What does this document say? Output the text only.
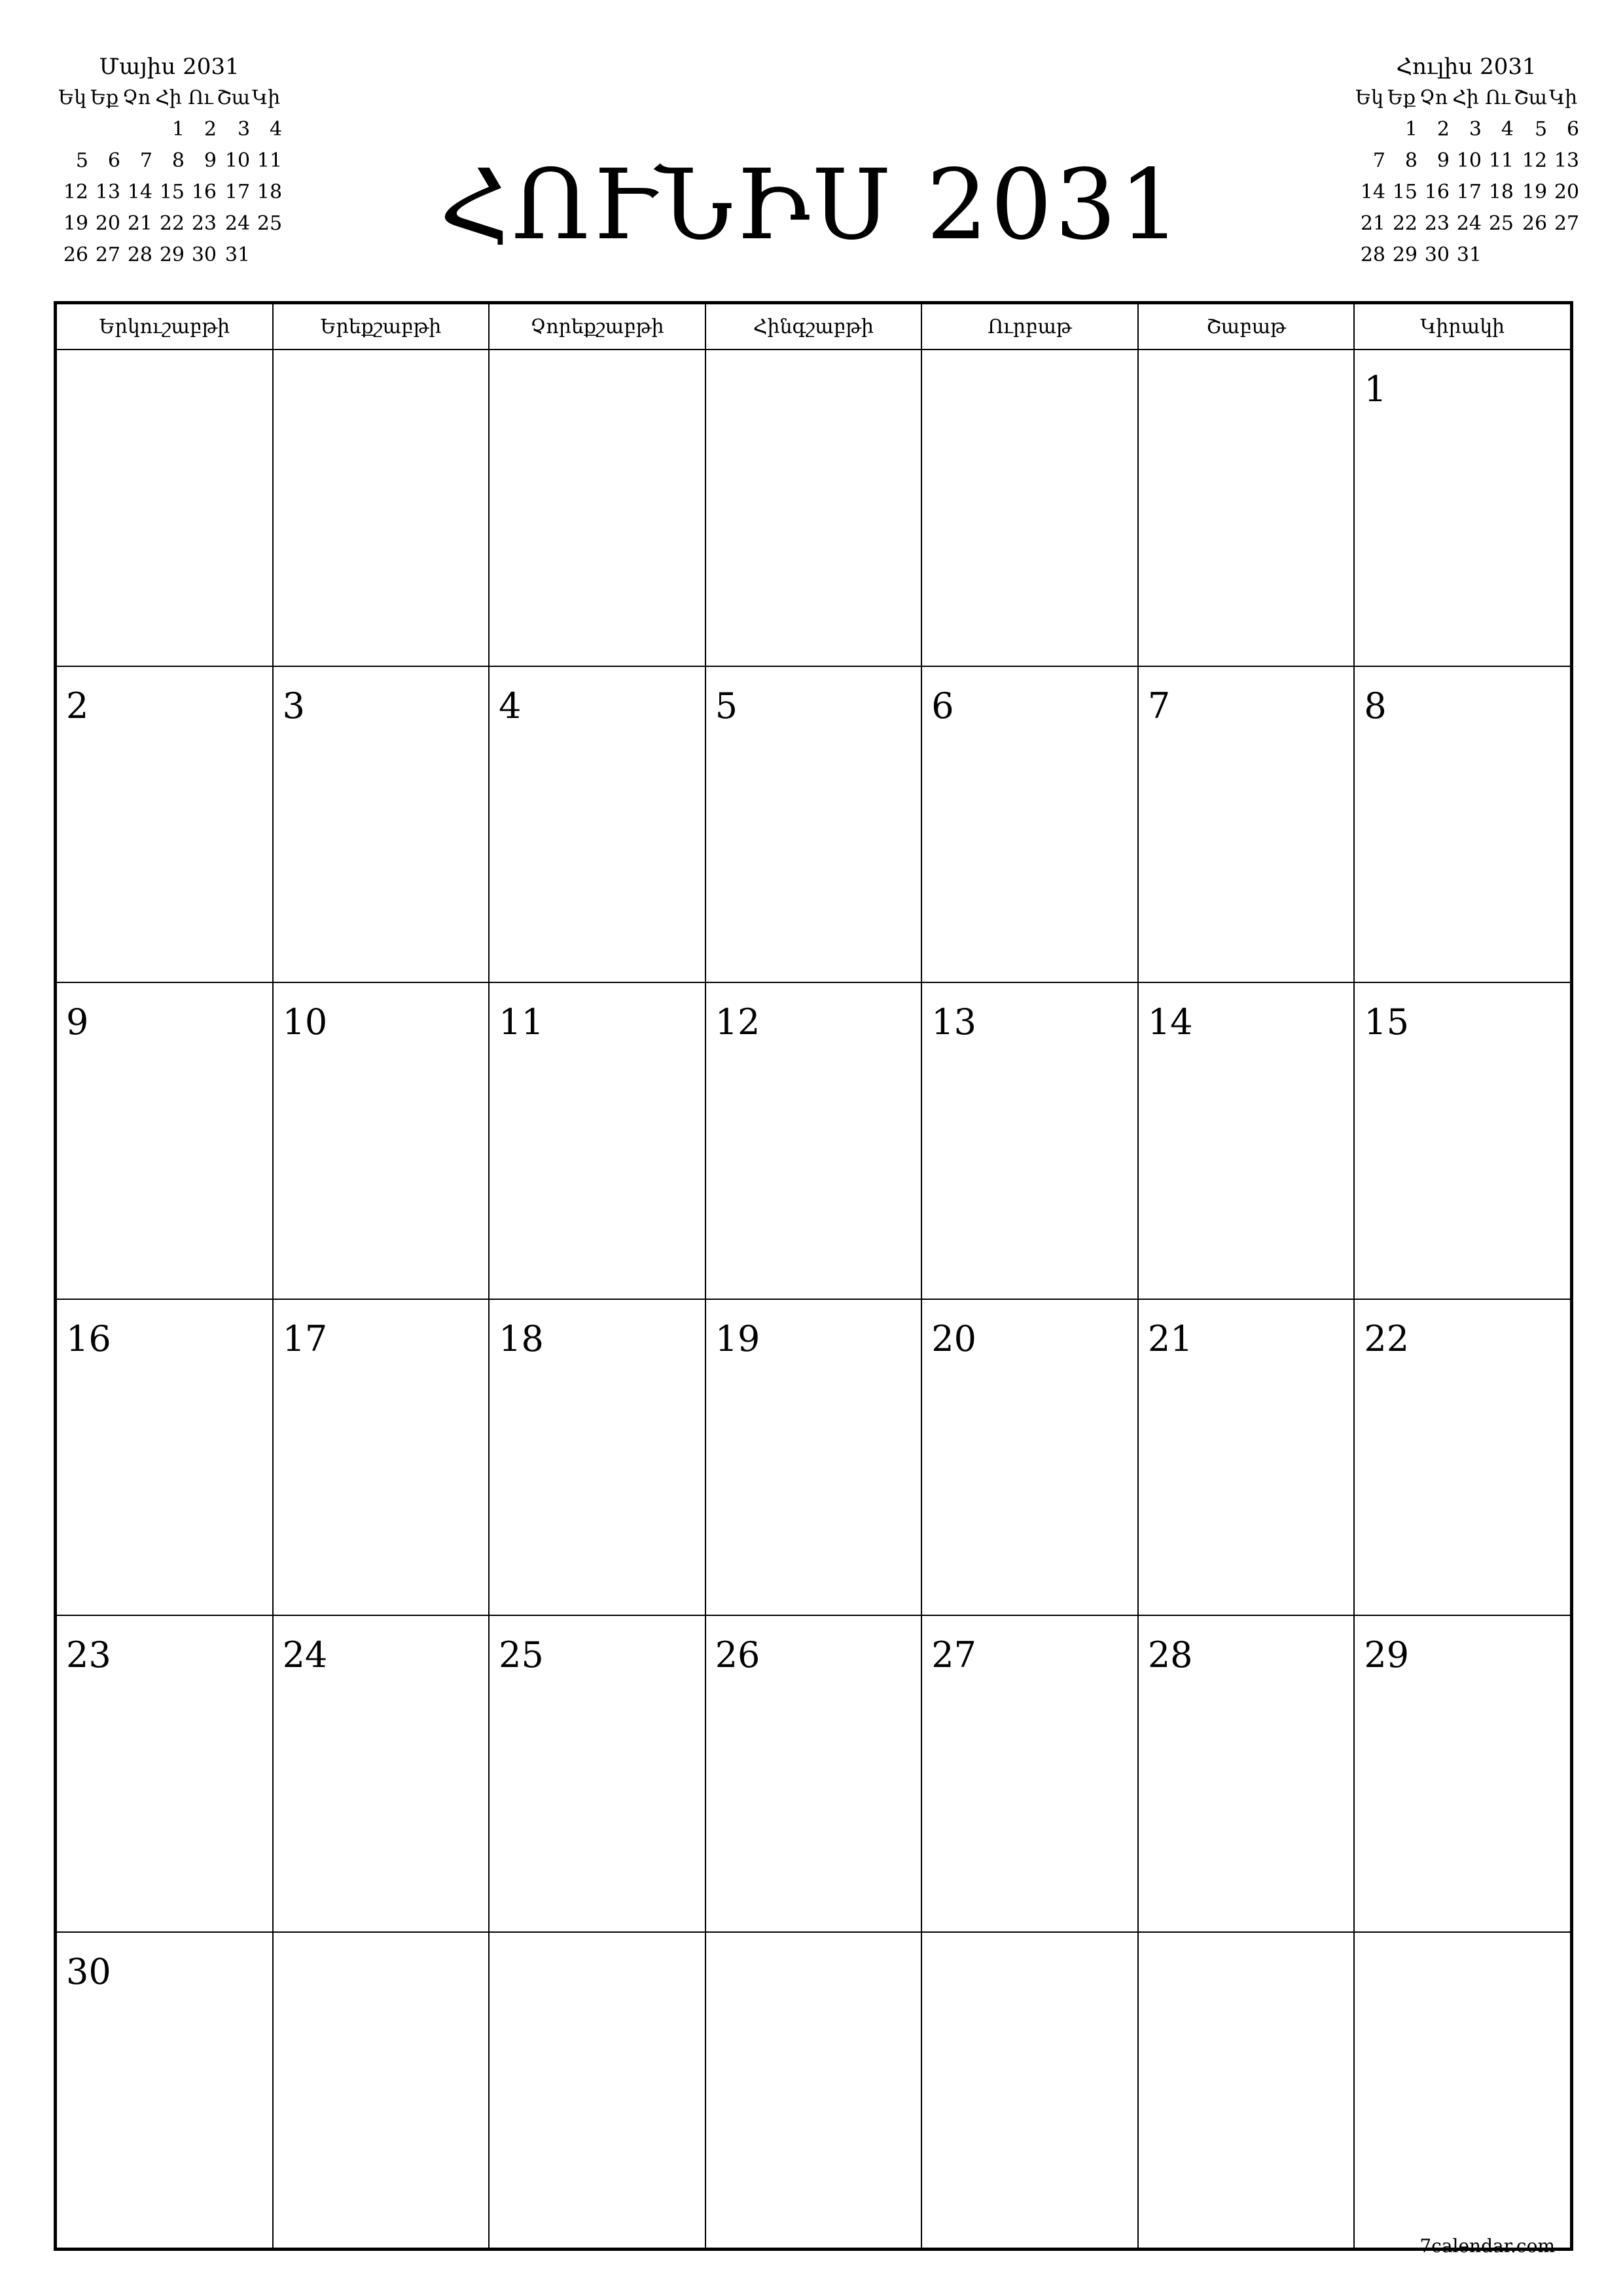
Մայիս 2031
Եկ	Եք	Չո	Հի	Ու	Շա	Կի
			1	2	3	4
5	6	7	8	9	10	11
12	13	14	15	16	17	18
19	20	21	22	23	24	25
26	27	28	29	30	31		ՀՈՒՆԻՍ 2031
Հուլիս 2031
Եկ	Եք	Չո	Հի	Ու	Շա	Կի
	1	2	3	4	5	6
7	8	9	10	11	12	13
14	15	16	17	18	19	20
21	22	23	24	25	26	27
28	29	30	31			
Երկուշաբթի	Երեքշաբթի	Չորեքշաբթի	Հինգշաբթի	Ուրբաթ	Շաբաթ	Կիրակի

						1

2	3	4	5	6	7	8

9	10	11	12	13	14	15

16	17	18	19	20	21	22

23	24	25	26	27	28	29

30						

7calendar.com
